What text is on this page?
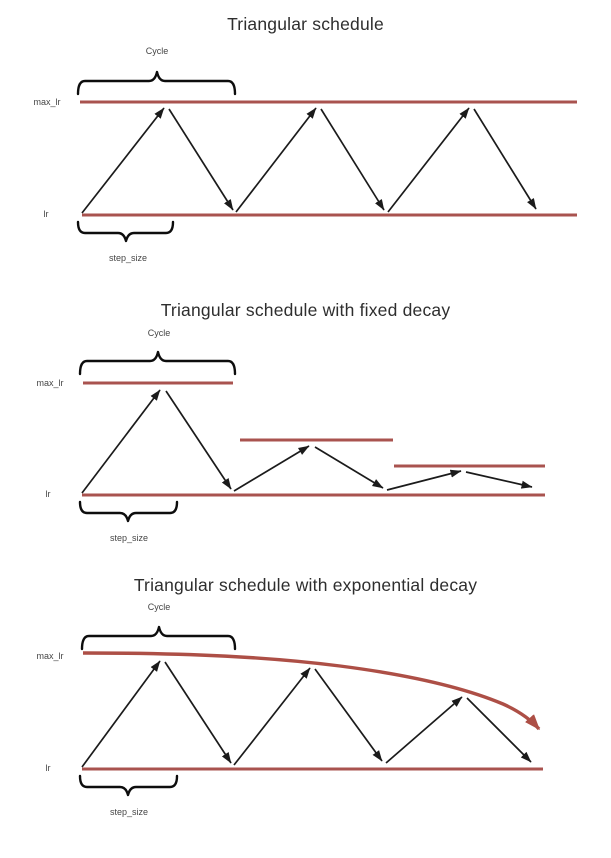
Triangular schedule
Cycle
max_lr
lr
step_size
Triangular schedule with fixed decay
Cycle
max_lr
lr
step_size
Triangular schedule with exponential decay
Cycle
max_lr
lr
step_size
